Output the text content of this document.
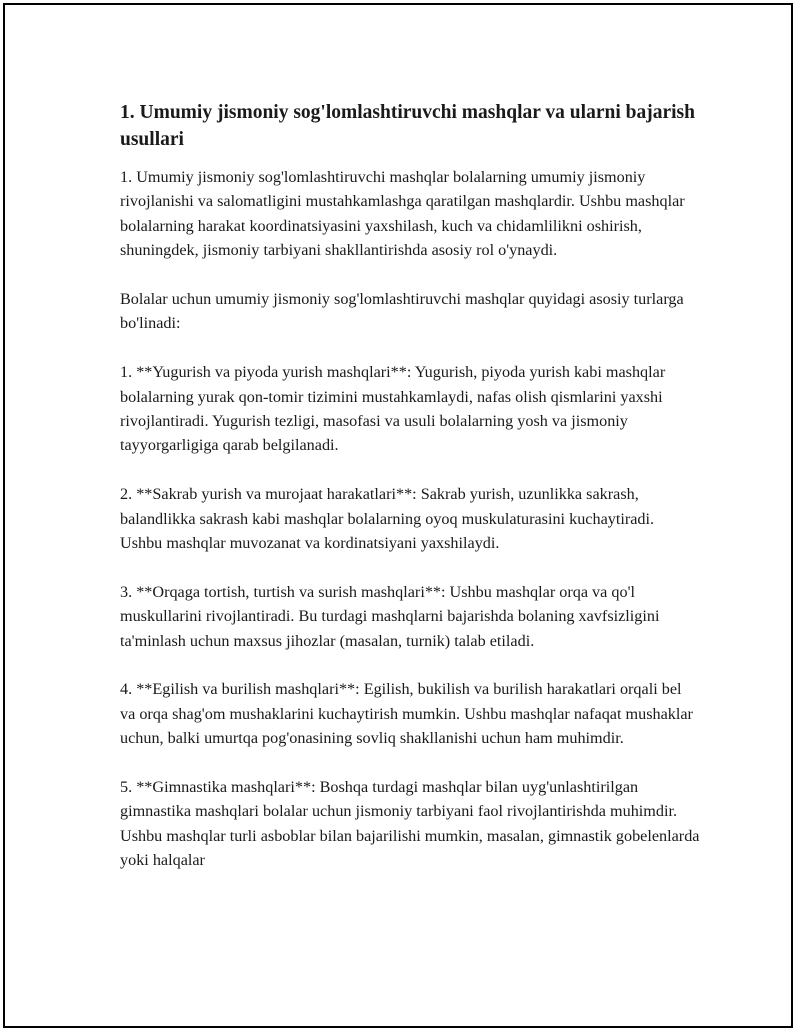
1. Umumiy jismoniy sog'lomlashtiruvchi mashqlar va ularni bajarish usullari

1. Umumiy jismoniy sog'lomlashtiruvchi mashqlar bolalarning umumiy jismoniy rivojlanishi va salomatligini mustahkamlashga qaratilgan mashqlardir. Ushbu mashqlar bolalarning harakat koordinatsiyasini yaxshilash, kuch va chidamlilikni oshirish, shuningdek, jismoniy tarbiyani shakllantirishda asosiy rol o'ynaydi.

Bolalar uchun umumiy jismoniy sog'lomlashtiruvchi mashqlar quyidagi asosiy turlarga bo'linadi:

1. **Yugurish va piyoda yurish mashqlari**: Yugurish, piyoda yurish kabi mashqlar bolalarning yurak qon-tomir tizimini mustahkamlaydi, nafas olish qismlarini yaxshi rivojlantiradi. Yugurish tezligi, masofasi va usuli bolalarning yosh va jismoniy tayyorgarligiga qarab belgilanadi.

2. **Sakrab yurish va murojaat harakatlari**: Sakrab yurish, uzunlikka sakrash, balandlikka sakrash kabi mashqlar bolalarning oyoq muskulaturasini kuchaytiradi. Ushbu mashqlar muvozanat va kordinatsiyani yaxshilaydi.

3. **Orqaga tortish, turtish va surish mashqlari**: Ushbu mashqlar orqa va qo'l muskullarini rivojlantiradi. Bu turdagi mashqlarni bajarishda bolaning xavfsizligini ta'minlash uchun maxsus jihozlar (masalan, turnik) talab etiladi.

4. **Egilish va burilish mashqlari**: Egilish, bukilish va burilish harakatlari orqali bel va orqa shag'om mushaklarini kuchaytirish mumkin. Ushbu mashqlar nafaqat mushaklar uchun, balki umurtqa pog'onasining sovliq shakllanishi uchun ham muhimdir.

5. **Gimnastika mashqlari**: Boshqa turdagi mashqlar bilan uyg'unlashtirilgan gimnastika mashqlari bolalar uchun jismoniy tarbiyani faol rivojlantirishda muhimdir. Ushbu mashqlar turli asboblar bilan bajarilishi mumkin, masalan, gimnastik gobelenlarda yoki halqalar
